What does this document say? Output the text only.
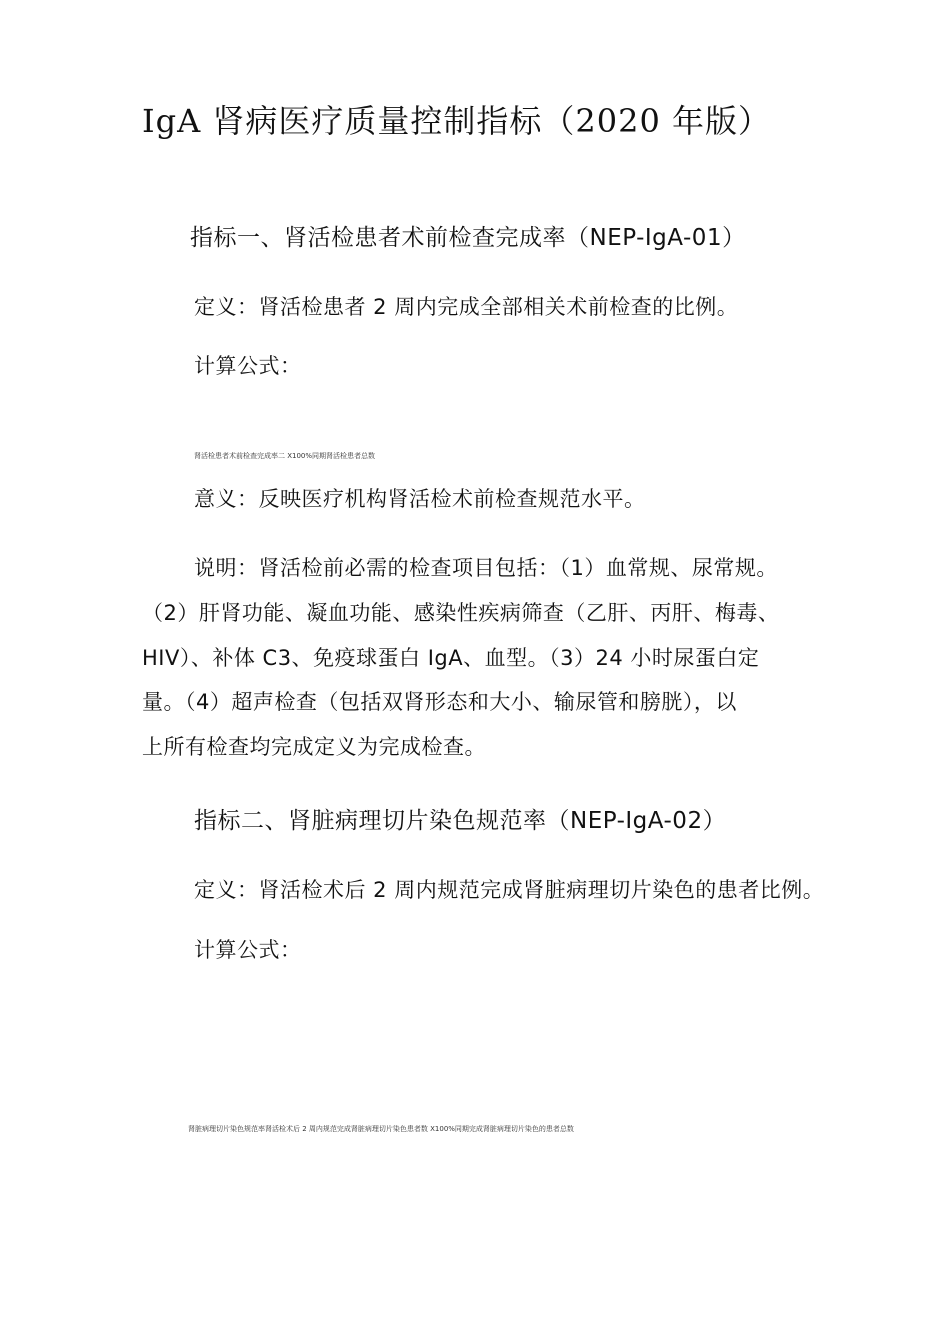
IgA 肾病医疗质量控制指标（2020 年版）
指标一、肾活检患者术前检查完成率（NEP-IgA-01）

定义：肾活检患者 2 周内完成全部相关术前检查的比例。

计算公式：

肾活检患者术前检查完成率二 X100%同期肾活检患者总数

意义：反映医疗机构肾活检术前检查规范水平。

说明：肾活检前必需的检查项目包括：（1）血常规、尿常规。

（2）肝肾功能、凝血功能、感染性疾病筛查（乙肝、丙肝、梅毒、

HIV）、补体 C3、免疫球蛋白 IgA、血型。（3）24 小时尿蛋白定

量。（4）超声检查（包括双肾形态和大小、输尿管和膀胱），以

上所有检查均完成定义为完成检查。

指标二、肾脏病理切片染色规范率（NEP-IgA-02）

定义：肾活检术后 2 周内规范完成肾脏病理切片染色的患者比例。

计算公式：

肾脏病理切片染色规范率肾活检术后 2 周内规范完成肾脏病理切片染色患者数 X100%同期完成肾脏病理切片染色的患者总数
